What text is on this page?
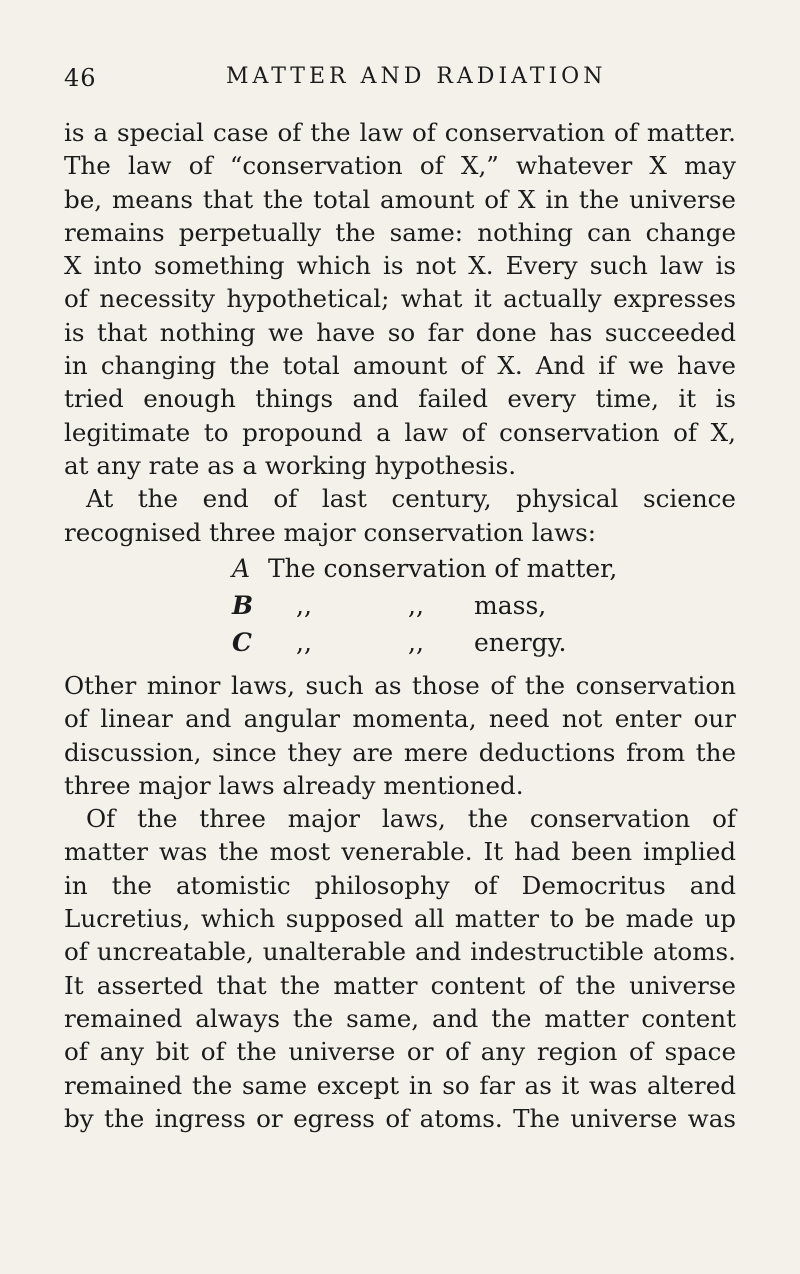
46	MATTER AND RADIATION
is a special case of the law of conservation of matter.
The law of “conservation of X,” whatever X may
be, means that the total amount of X in the universe
remains perpetually the same: nothing can change
X into something which is not X. Every such law is
of necessity hypothetical; what it actually expresses
is that nothing we have so far done has succeeded
in changing the total amount of X. And if we have
tried enough things and failed every time, it is
legitimate to propound a law of conservation of X,
at any rate as a working hypothesis.
At the end of last century, physical science
recognised three major conservation laws:
A The conservation of matter,
B ,,	,, mass,
C ,,	,, energy.
Other minor laws, such as those of the conservation
of linear and angular momenta, need not enter our
discussion, since they are mere deductions from the
three major laws already mentioned.
Of the three major laws, the conservation of
matter was the most venerable. It had been implied
in the atomistic philosophy of Democritus and
Lucretius, which supposed all matter to be made up
of uncreatable, unalterable and indestructible atoms.
It asserted that the matter content of the universe
remained always the same, and the matter content
of any bit of the universe or of any region of space
remained the same except in so far as it was altered
by the ingress or egress of atoms. The universe was
